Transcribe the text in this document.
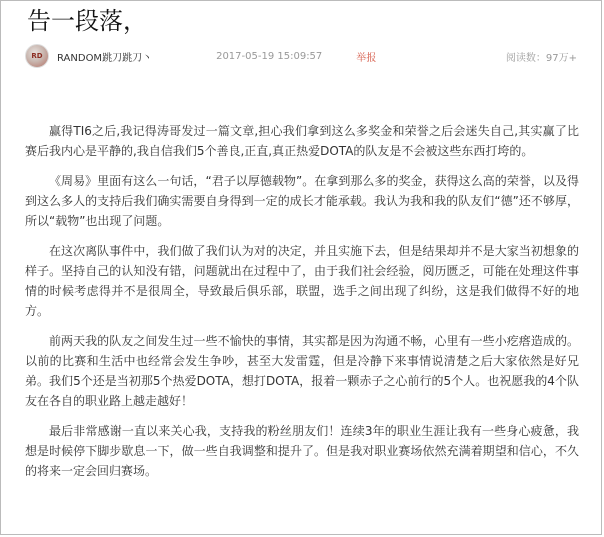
告一段落，
RD	RANDOM跳刀跳刀丶	2017-05-19 15:09:57	举报	阅读数：97万+

赢得TI6之后,我记得涛哥发过一篇文章,担心我们拿到这么多奖金和荣誉之后会迷失自己,其实赢了比赛后我内心是平静的,我自信我们5个善良,正直,真正热爱DOTA的队友是不会被这些东西打垮的。

《周易》里面有这么一句话，“君子以厚德载物”。在拿到那么多的奖金，获得这么高的荣誉，以及得到这么多人的支持后我们确实需要自身得到一定的成长才能承载。我认为我和我的队友们“德”还不够厚，所以“载物”也出现了问题。

在这次离队事件中，我们做了我们认为对的决定，并且实施下去，但是结果却并不是大家当初想象的样子。坚持自己的认知没有错，问题就出在过程中了，由于我们社会经验，阅历匮乏，可能在处理这件事情的时候考虑得并不是很周全，导致最后俱乐部，联盟，选手之间出现了纠纷，这是我们做得不好的地方。

前两天我的队友之间发生过一些不愉快的事情，其实都是因为沟通不畅，心里有一些小疙瘩造成的。以前的比赛和生活中也经常会发生争吵，甚至大发雷霆，但是冷静下来事情说清楚之后大家依然是好兄弟。我们5个还是当初那5个热爱DOTA，想打DOTA，报着一颗赤子之心前行的5个人。也祝愿我的4个队友在各自的职业路上越走越好！

最后非常感谢一直以来关心我，支持我的粉丝朋友们！连续3年的职业生涯让我有一些身心疲惫，我想是时候停下脚步歇息一下，做一些自我调整和提升了。但是我对职业赛场依然充满着期望和信心，不久的将来一定会回归赛场。
